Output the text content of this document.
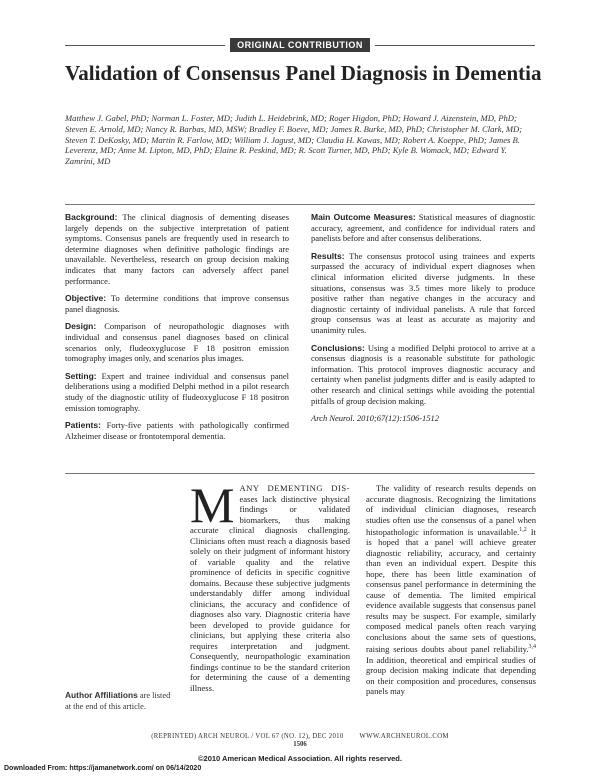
ORIGINAL CONTRIBUTION
Validation of Consensus Panel Diagnosis in Dementia
Matthew J. Gabel, PhD; Norman L. Foster, MD; Judith L. Heidebrink, MD; Roger Higdon, PhD; Howard J. Aizenstein, MD, PhD; Steven E. Arnold, MD; Nancy R. Barbas, MD, MSW; Bradley F. Boeve, MD; James R. Burke, MD, PhD; Christopher M. Clark, MD; Steven T. DeKosky, MD; Martin R. Farlow, MD; William J. Jagust, MD; Claudia H. Kawas, MD; Robert A. Koeppe, PhD; James B. Leverenz, MD; Anne M. Lipton, MD, PhD; Elaine R. Peskind, MD; R. Scott Turner, MD, PhD; Kyle B. Womack, MD; Edward Y. Zamrini, MD

Background: The clinical diagnosis of dementing diseases largely depends on the subjective interpretation of patient symptoms. Consensus panels are frequently used in research to determine diagnoses when definitive pathologic findings are unavailable. Nevertheless, research on group decision making indicates that many factors can adversely affect panel performance.

Objective: To determine conditions that improve consensus panel diagnosis.

Design: Comparison of neuropathologic diagnoses with individual and consensus panel diagnoses based on clinical scenarios only, fludeoxyglucose F 18 positron emission tomography images only, and scenarios plus images.

Setting: Expert and trainee individual and consensus panel deliberations using a modified Delphi method in a pilot research study of the diagnostic utility of fludeoxyglucose F 18 positron emission tomography.

Patients: Forty-five patients with pathologically confirmed Alzheimer disease or frontotemporal dementia.

Main Outcome Measures: Statistical measures of diagnostic accuracy, agreement, and confidence for individual raters and panelists before and after consensus deliberations.

Results: The consensus protocol using trainees and experts surpassed the accuracy of individual expert diagnoses when clinical information elicited diverse judgments. In these situations, consensus was 3.5 times more likely to produce positive rather than negative changes in the accuracy and diagnostic certainty of individual panelists. A rule that forced group consensus was at least as accurate as majority and unanimity rules.

Conclusions: Using a modified Delphi protocol to arrive at a consensus diagnosis is a reasonable substitute for pathologic information. This protocol improves diagnostic accuracy and certainty when panelist judgments differ and is easily adapted to other research and clinical settings while avoiding the potential pitfalls of group decision making.

Arch Neurol. 2010;67(12):1506-1512

MANY DEMENTING DIS- eases lack distinctive physical findings or validated biomarkers, thus making accurate clinical diagnosis challenging. Clinicians often must reach a diagnosis based solely on their judgment of informant history of variable quality and the relative prominence of deficits in specific cognitive domains. Because these subjective judgments understandably differ among individual clinicians, the accuracy and confidence of diagnoses also vary. Diagnostic criteria have been developed to provide guidance for clinicians, but applying these criteria also requires interpretation and judgment. Consequently, neuropathologic examination findings continue to be the standard criterion for determining the cause of a dementing illness.

The validity of research results depends on accurate diagnosis. Recognizing the limitations of individual clinician diagnoses, research studies often use the consensus of a panel when histopathologic information is unavailable.$^{1,2}$ It is hoped that a panel will achieve greater diagnostic reliability, accuracy, and certainty than even an individual expert. Despite this hope, there has been little examination of consensus panel performance in determining the cause of dementia. The limited empirical evidence available suggests that consensus panel results may be suspect. For example, similarly composed medical panels often reach varying conclusions about the same sets of questions, raising serious doubts about panel reliability.$^{3,4}$ In addition, theoretical and empirical studies of group decision making indicate that depending on their composition and procedures, consensus panels may

Author Affiliations are listed at the end of this article.
(REPRINTED) ARCH NEUROL / VOL 67 (NO. 12), DEC 2010        WWW.ARCHNEUROL.COM
1506
©2010 American Medical Association. All rights reserved.
Downloaded From: https://jamanetwork.com/ on 06/14/2020
